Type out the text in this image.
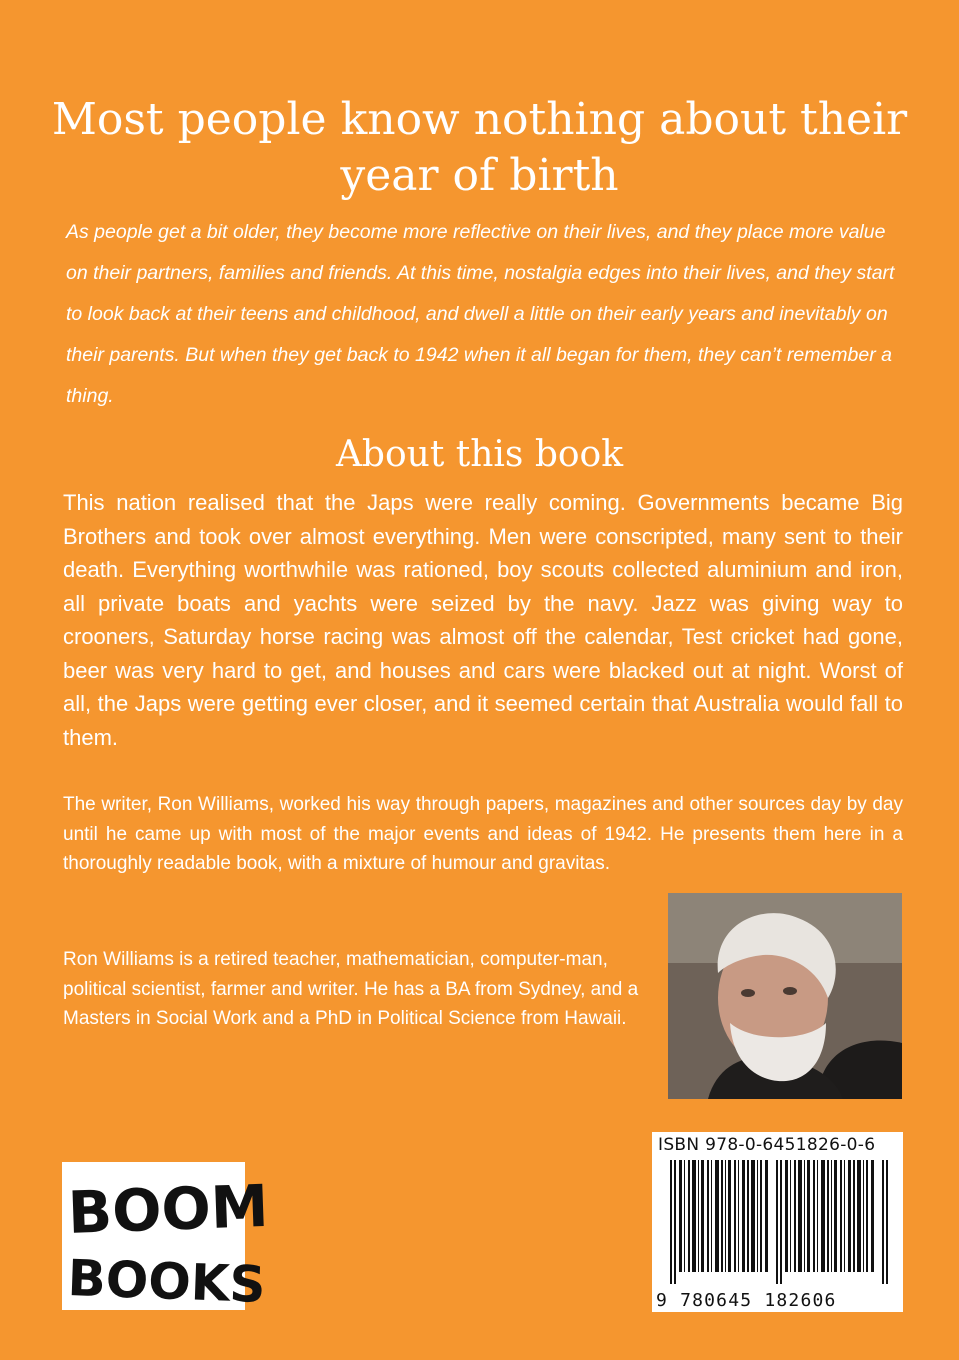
Most people know nothing about their year of birth

As people get a bit older, they become more reflective on their lives, and they place more value on their partners, families and friends. At this time, nostalgia edges into their lives, and they start to look back at their teens and childhood, and dwell a little on their early years and inevitably on their parents. But when they get back to 1942 when it all began for them, they can’t remember a thing.

About this book

This nation realised that the Japs were really coming. Governments became Big Brothers and took over almost everything. Men were conscripted, many sent to their death. Everything worthwhile was rationed, boy scouts collected aluminium and iron, all private boats and yachts were seized by the navy. Jazz was giving way to crooners, Saturday horse racing was almost off the calendar, Test cricket had gone, beer was very hard to get, and houses and cars were blacked out at night. Worst of all, the Japs were getting ever closer, and it seemed certain that Australia would fall to them.

The writer, Ron Williams, worked his way through papers, magazines and other sources day by day until he came up with most of the major events and ideas of 1942. He presents them here in a thoroughly readable book, with a mixture of humour and gravitas.

Ron Williams is a retired teacher, mathematician, computer-man, political scientist, farmer and writer. He has a BA from Sydney, and a Masters in Social Work and a PhD in Political Science from Hawaii.

ISBN 978-0-6451826-0-6
9 780645 182606
BOOM
BOOKS
